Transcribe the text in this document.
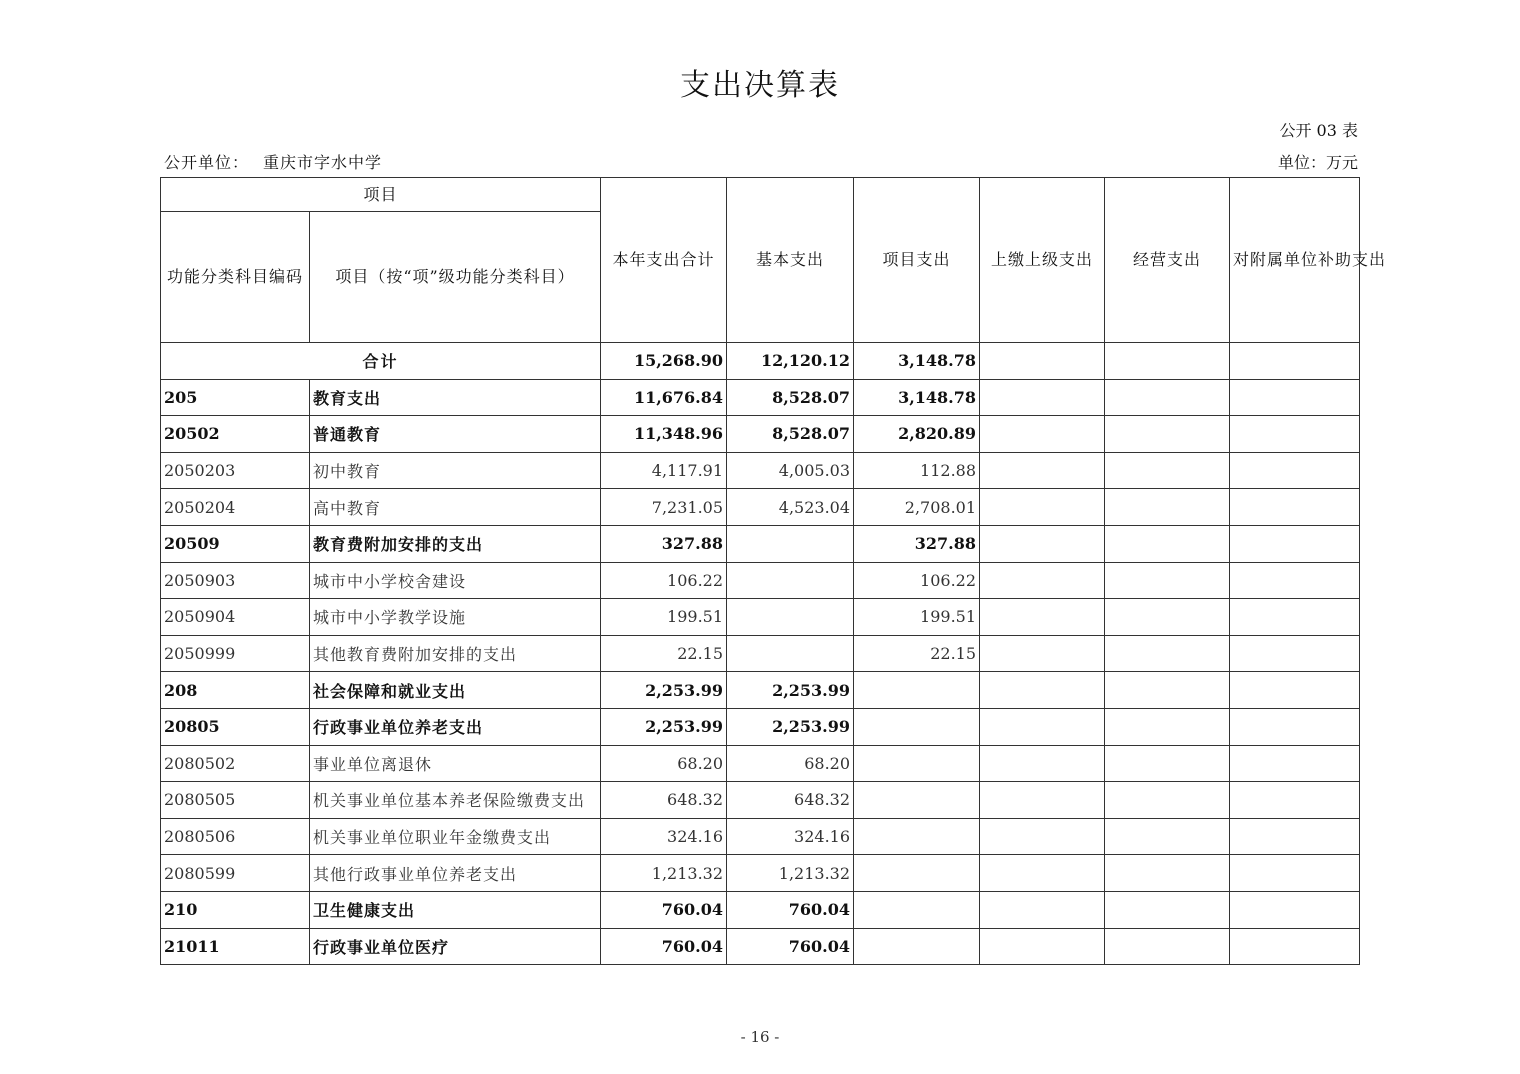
支出决算表
公开 03 表
公开单位： 重庆市字水中学	单位：万元
项目		本年支出合计	基本支出	项目支出	上缴上级支出	经营支出	对附属单位补助支出
功能分类科目编码	项目（按“项”级功能分类科目）						

合计		15,268.90	12,120.12	3,148.78			
205	教育支出	11,676.84	8,528.07	3,148.78			
20502	普通教育	11,348.96	8,528.07	2,820.89			
2050203	初中教育	4,117.91	4,005.03	112.88			
2050204	高中教育	7,231.05	4,523.04	2,708.01			
20509	教育费附加安排的支出	327.88		327.88			
2050903	城市中小学校舍建设	106.22		106.22			
2050904	城市中小学教学设施	199.51		199.51			
2050999	其他教育费附加安排的支出	22.15		22.15			
208	社会保障和就业支出	2,253.99	2,253.99				
20805	行政事业单位养老支出	2,253.99	2,253.99				
2080502	事业单位离退休	68.20	68.20				
2080505	机关事业单位基本养老保险缴费支出	648.32	648.32				
2080506	机关事业单位职业年金缴费支出	324.16	324.16				
2080599	其他行政事业单位养老支出	1,213.32	1,213.32				
210	卫生健康支出	760.04	760.04				
21011	行政事业单位医疗	760.04	760.04				
- 16 -
